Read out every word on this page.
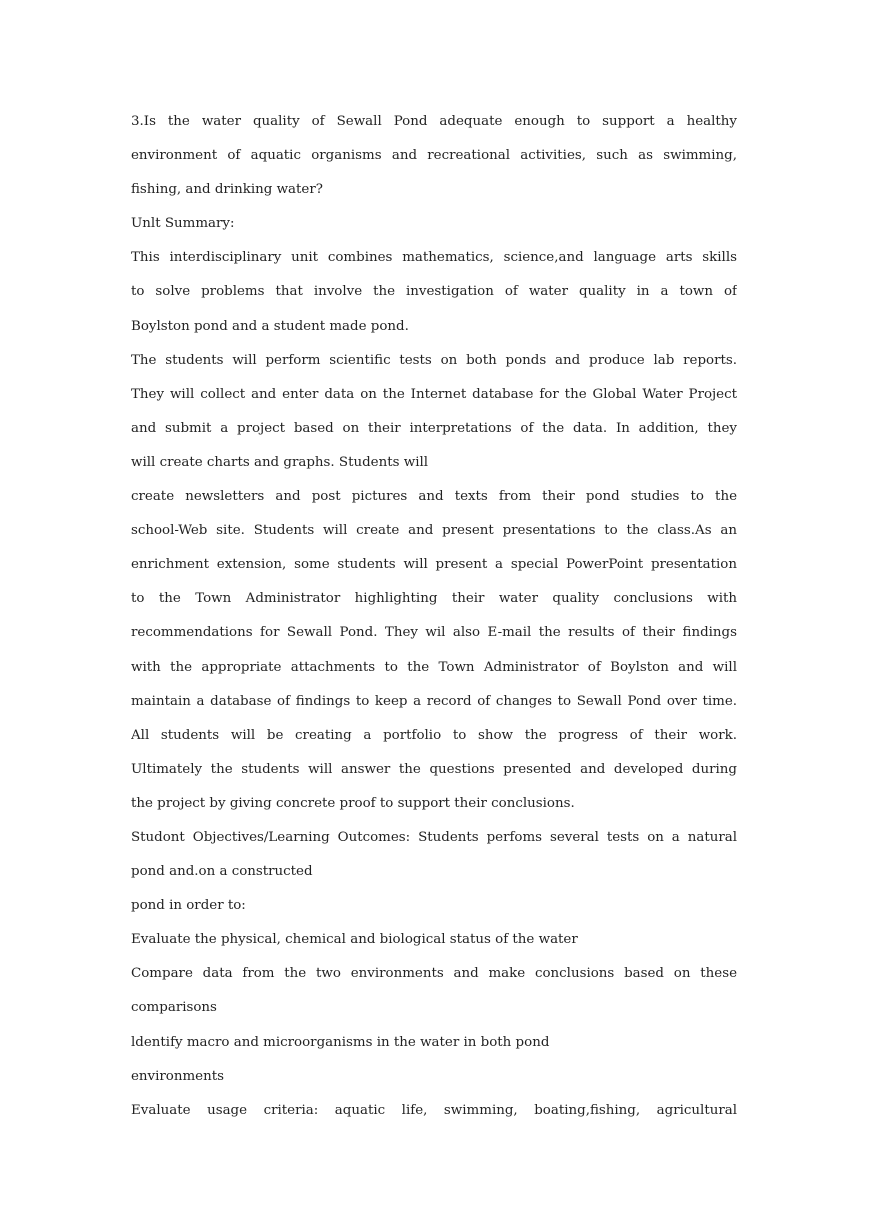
3.Is the water quality of Sewall Pond adequate enough to support a healthy
environment of aquatic organisms and recreational activities, such as swimming,
fishing, and drinking water?
Unlt Summary:
This interdisciplinary unit combines mathematics, science,and language arts skills
to solve problems that involve the investigation of water quality in a town of
Boylston pond and a student made pond.
The students will perform scientific tests on both ponds and produce lab reports.
They will collect and enter data on the Internet database for the Global Water Project
and submit a project based on their interpretations of the data. In addition, they
will create charts and graphs. Students will
create newsletters and post pictures and texts from their pond studies to the
school-Web site. Students will create and present presentations to the class.As an
enrichment extension, some students will present a special PowerPoint presentation
to the Town Administrator highlighting their water quality conclusions with
recommendations for Sewall Pond. They wil also E-mail the results of their findings
with the appropriate attachments to the Town Administrator of Boylston and will
maintain a database of findings to keep a record of changes to Sewall Pond over time.
All students will be creating a portfolio to show the progress of their work.
Ultimately the students will answer the questions presented and developed during
the project by giving concrete proof to support their conclusions.
Studont Objectives/Learning Outcomes: Students perfoms several tests on a natural
pond and.on a constructed
pond in order to:
Evaluate the physical, chemical and biological status of the water
Compare data from the two environments and make conclusions based on these
comparisons
ldentify macro and microorganisms in the water in both pond
environments
Evaluate usage criteria: aquatic life, swimming, boating,fishing, agricultural
